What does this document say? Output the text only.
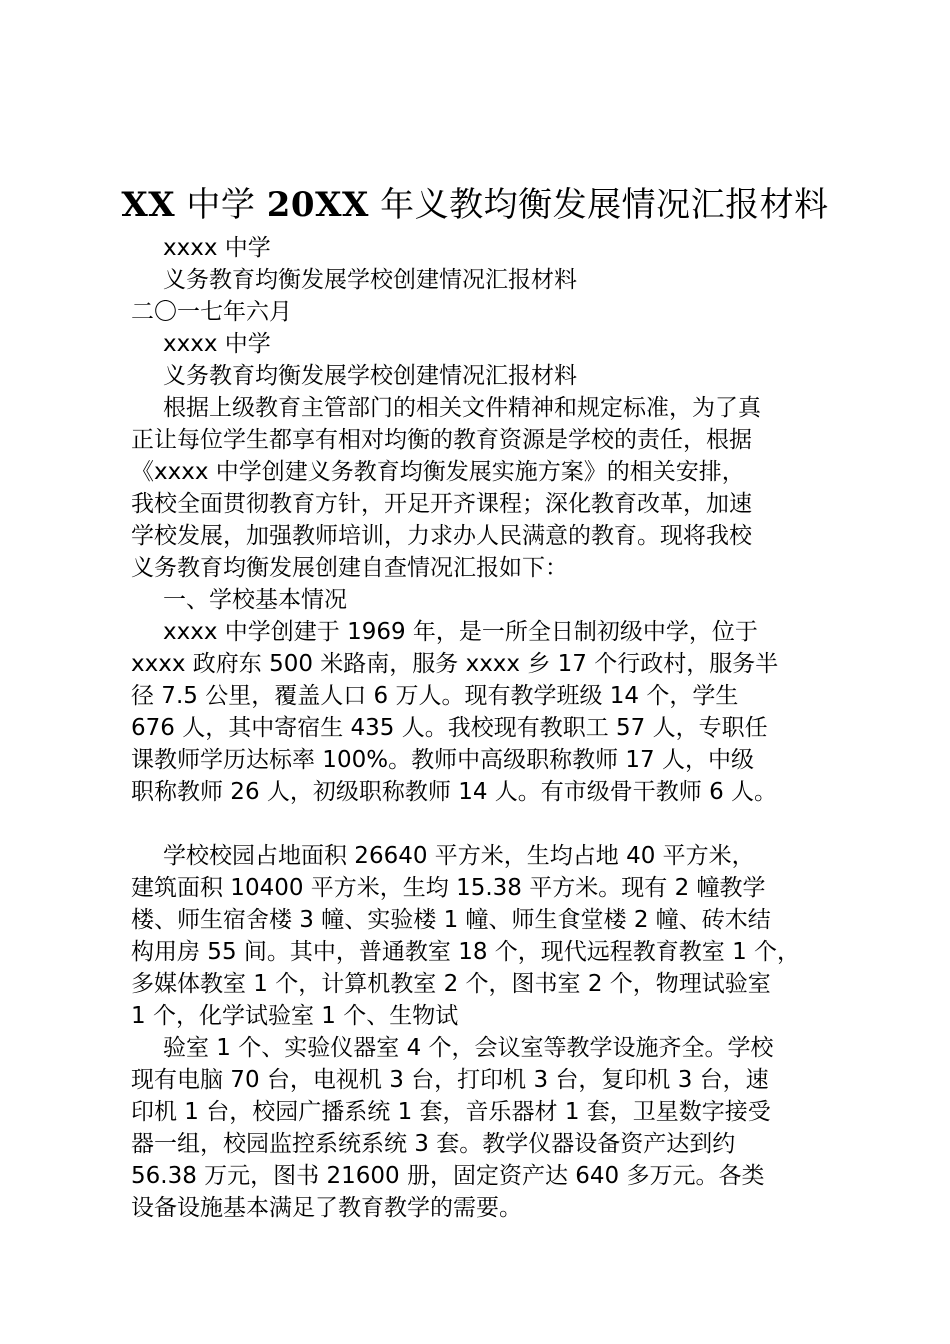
XX 中学 20XX 年义教均衡发展情况汇报材料
xxxx 中学
义务教育均衡发展学校创建情况汇报材料
二〇一七年六月
xxxx 中学
义务教育均衡发展学校创建情况汇报材料
根据上级教育主管部门的相关文件精神和规定标准，为了真
正让每位学生都享有相对均衡的教育资源是学校的责任，根据
《xxxx 中学创建义务教育均衡发展实施方案》的相关安排，
我校全面贯彻教育方针，开足开齐课程；深化教育改革，加速
学校发展，加强教师培训，力求办人民满意的教育。现将我校
义务教育均衡发展创建自查情况汇报如下：
一、学校基本情况
xxxx 中学创建于 1969 年，是一所全日制初级中学，位于
xxxx 政府东 500 米路南，服务 xxxx 乡 17 个行政村，服务半
径 7.5 公里，覆盖人口 6 万人。现有教学班级 14 个，学生
676 人，其中寄宿生 435 人。我校现有教职工 57 人，专职任
课教师学历达标率 100%。教师中高级职称教师 17 人，中级
职称教师 26 人，初级职称教师 14 人。有市级骨干教师 6 人。
学校校园占地面积 26640 平方米，生均占地 40 平方米，
建筑面积 10400 平方米，生均 15.38 平方米。现有 2 幢教学
楼、师生宿舍楼 3 幢、实验楼 1 幢、师生食堂楼 2 幢、砖木结
构用房 55 间。其中，普通教室 18 个，现代远程教育教室 1 个，
多媒体教室 1 个，计算机教室 2 个，图书室 2 个，物理试验室
1 个，化学试验室 1 个、生物试
验室 1 个、实验仪器室 4 个，会议室等教学设施齐全。学校
现有电脑 70 台，电视机 3 台，打印机 3 台，复印机 3 台，速
印机 1 台，校园广播系统 1 套，音乐器材 1 套，卫星数字接受
器一组，校园监控系统系统 3 套。教学仪器设备资产达到约
56.38 万元，图书 21600 册，固定资产达 640 多万元。各类
设备设施基本满足了教育教学的需要。
